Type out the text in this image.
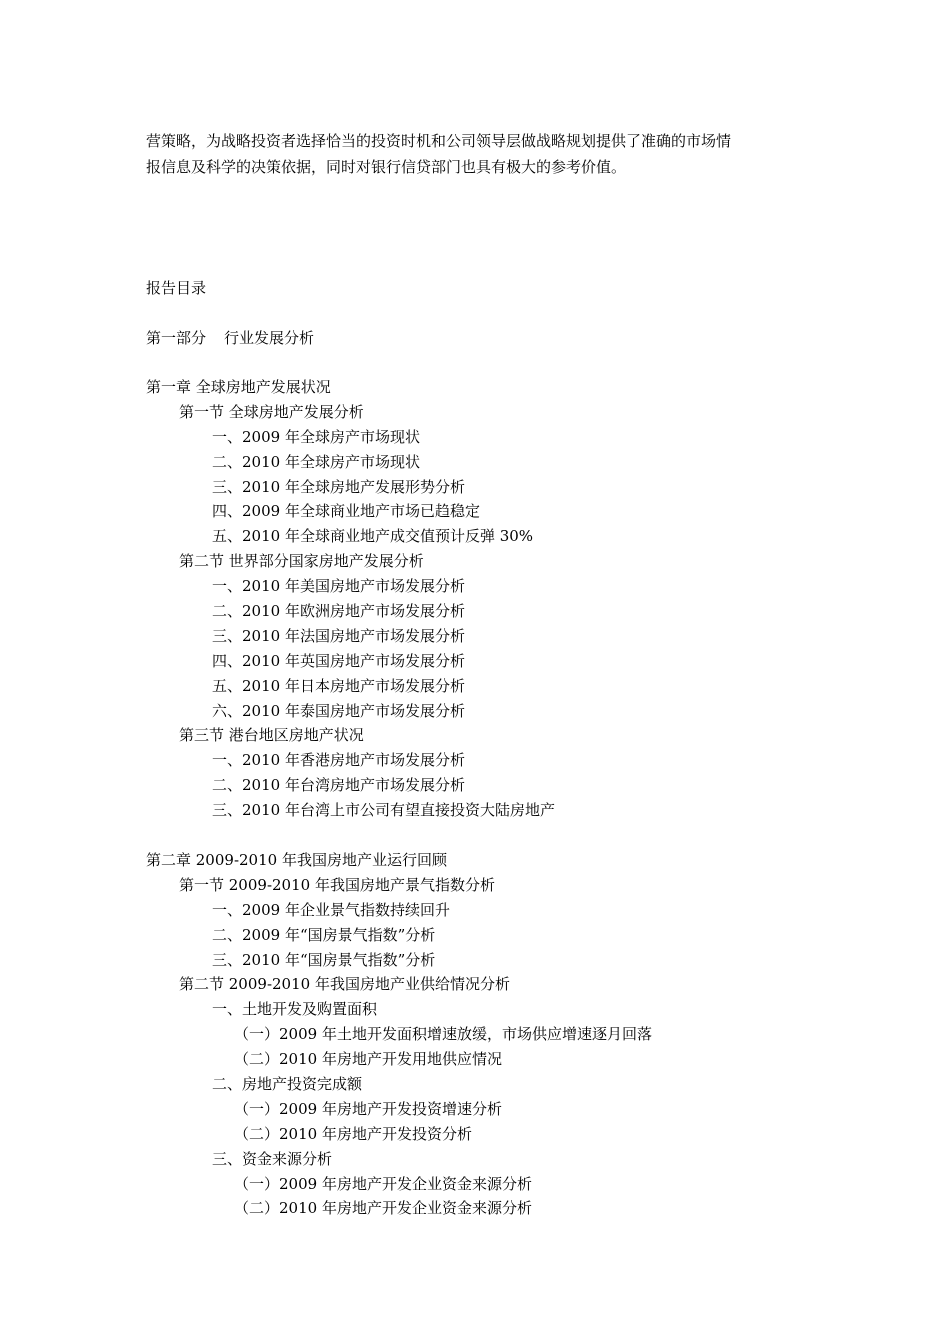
营策略，为战略投资者选择恰当的投资时机和公司领导层做战略规划提供了准确的市场情

报信息及科学的决策依据，同时对银行信贷部门也具有极大的参考价值。

报告目录
第一部分 行业发展分析
第一章 全球房地产发展状况
第一节 全球房地产发展分析
一、2009 年全球房产市场现状
二、2010 年全球房产市场现状
三、2010 年全球房地产发展形势分析
四、2009 年全球商业地产市场已趋稳定
五、2010 年全球商业地产成交值预计反弹 30%
第二节 世界部分国家房地产发展分析
一、2010 年美国房地产市场发展分析
二、2010 年欧洲房地产市场发展分析
三、2010 年法国房地产市场发展分析
四、2010 年英国房地产市场发展分析
五、2010 年日本房地产市场发展分析
六、2010 年泰国房地产市场发展分析
第三节 港台地区房地产状况
一、2010 年香港房地产市场发展分析
二、2010 年台湾房地产市场发展分析
三、2010 年台湾上市公司有望直接投资大陆房地产
第二章 2009-2010 年我国房地产业运行回顾
第一节 2009-2010 年我国房地产景气指数分析
一、2009 年企业景气指数持续回升
二、2009 年“国房景气指数”分析
三、2010 年“国房景气指数”分析
第二节 2009-2010 年我国房地产业供给情况分析
一、土地开发及购置面积
（一）2009 年土地开发面积增速放缓，市场供应增速逐月回落
（二）2010 年房地产开发用地供应情况
二、房地产投资完成额
（一）2009 年房地产开发投资增速分析
（二）2010 年房地产开发投资分析
三、资金来源分析
（一）2009 年房地产开发企业资金来源分析
（二）2010 年房地产开发企业资金来源分析
